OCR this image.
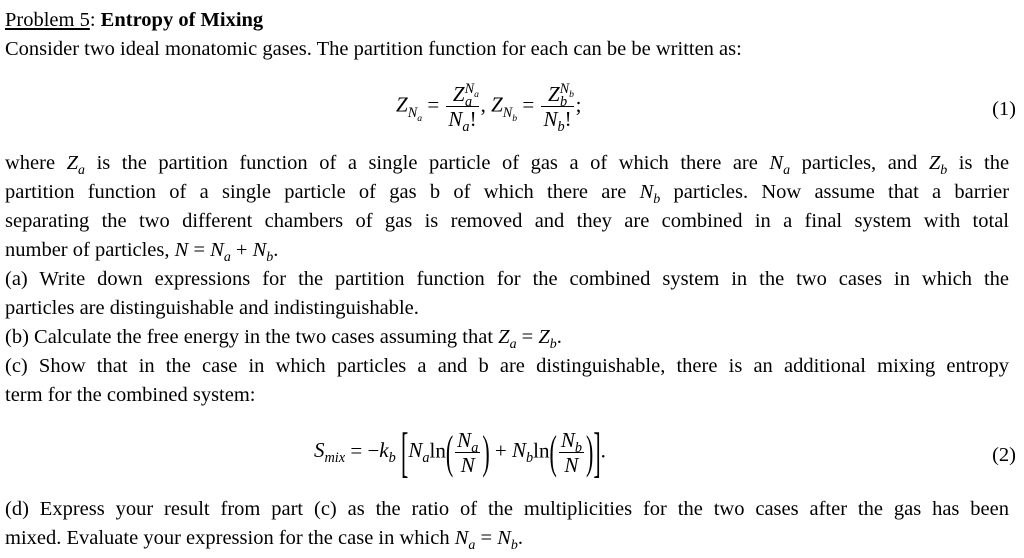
Problem 5: Entropy of Mixing
Consider two ideal monatomic gases. The partition function for each can be be written as:
$Z_{N_a} = \frac{Z^{N_a}_a}{N_a!}$ , $Z_{N_b} = \frac{Z^{N_b}_b}{N_b!}$ ;	(1)
where $Z_a$ is the partition function of a single particle of gas a of which there are $N_a$ particles, and $Z_b$ is the
partition function of a single particle of gas b of which there are $N_b$ particles. Now assume that a barrier
separating the two different chambers of gas is removed and they are combined in a final system with total
number of particles, $N = N_a + N_b$.
(a) Write down expressions for the partition function for the combined system in the two cases in which the
particles are distinguishable and indistinguishable.
(b) Calculate the free energy in the two cases assuming that $Z_a = Z_b$.
(c) Show that in the case in which particles a and b are distinguishable, there is an additional mixing entropy
term for the combined system:
$S_{mix} = -k_b$ [$N_a\ln( \frac{N_a}{N}$ ) + $N_b\ln( \frac{N_b}{N}$ )].	(2)
(d) Express your result from part (c) as the ratio of the multiplicities for the two cases after the gas has been
mixed. Evaluate your expression for the case in which $N_a = N_b$.
